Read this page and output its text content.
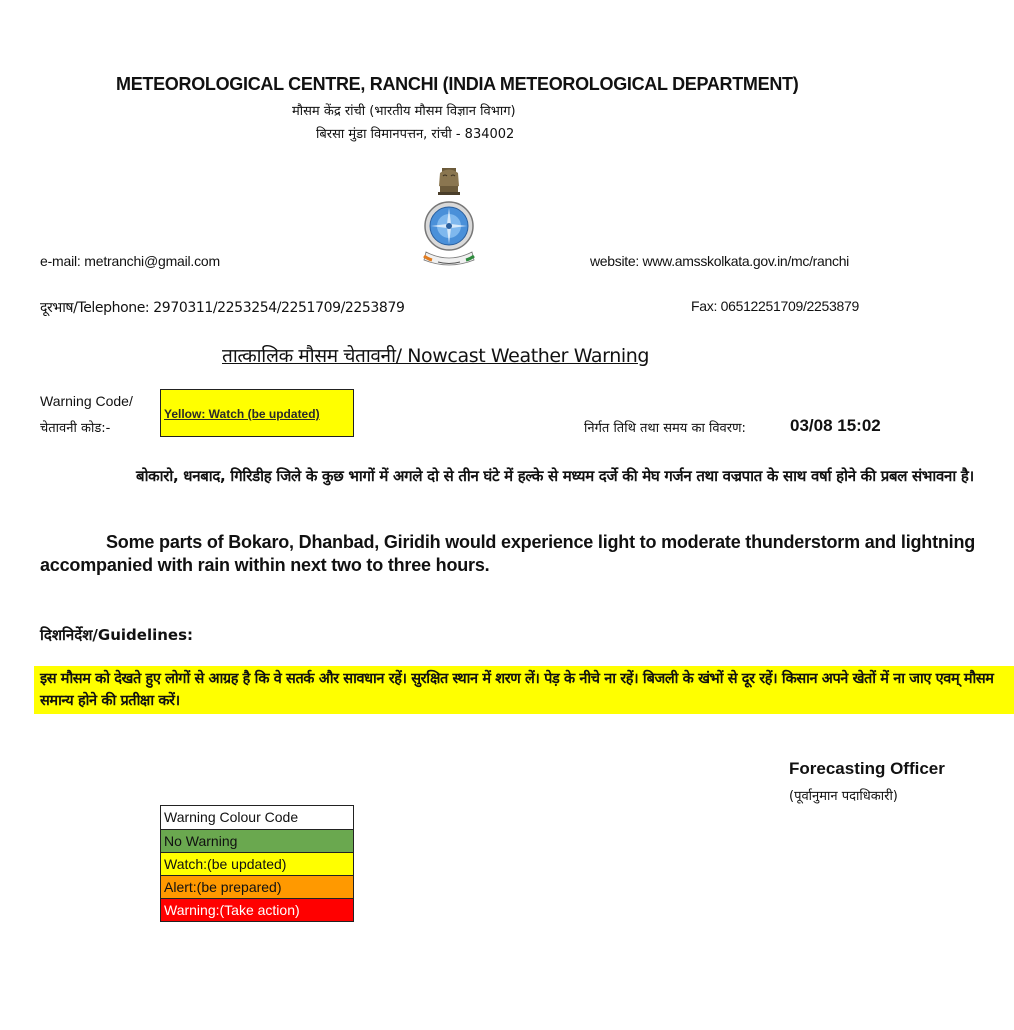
METEOROLOGICAL CENTRE, RANCHI (INDIA METEOROLOGICAL DEPARTMENT)
मौसम केंद्र रांची (भारतीय मौसम विज्ञान विभाग)
बिरसा मुंडा विमानपत्तन, रांची - 834002
e-mail: metranchi@gmail.com	website: www.amsskolkata.gov.in/mc/ranchi
दूरभाष/Telephone: 2970311/2253254/2251709/2253879	Fax: 06512251709/2253879
तात्कालिक मौसम चेतावनी/ Nowcast Weather Warning
Warning Code/
चेतावनी कोड:-
Yellow: Watch (be updated)
निर्गत तिथि तथा समय का विवरण:	03/08 15:02
बोकारो, धनबाद, गिरिडीह जिले के कुछ भागों में अगले दो से तीन घंटे में हल्के से मध्यम दर्जे की मेघ गर्जन तथा वज्रपात के साथ वर्षा होने की प्रबल संभावना है।
Some parts of Bokaro, Dhanbad, Giridih would experience light to moderate thunderstorm and lightning accompanied with rain within next two to three hours.
दिशनिर्देश/Guidelines:
इस मौसम को देखते हुए लोगों से आग्रह है कि वे सतर्क और सावधान रहें। सुरक्षित स्थान में शरण लें। पेड़ के नीचे ना रहें। बिजली के खंभों से दूर रहें। किसान अपने खेतों में ना जाए एवम् मौसम समान्य होने की प्रतीक्षा करें।
Forecasting Officer
(पूर्वानुमान पदाधिकारी)
Warning Colour Code
No Warning
Watch:(be updated)
Alert:(be prepared)
Warning:(Take action)
